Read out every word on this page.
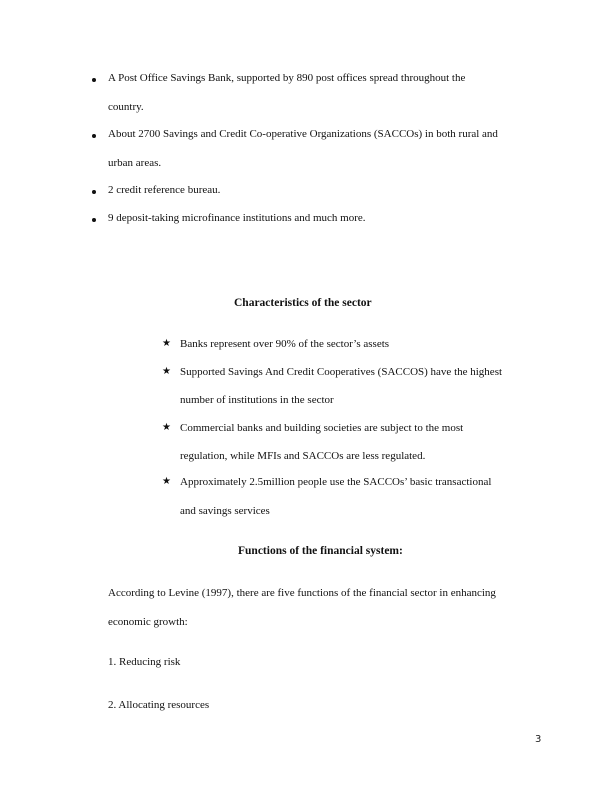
A Post Office Savings Bank, supported by 890 post offices spread throughout the
country.
About 2700 Savings and Credit Co-operative Organizations (SACCOs) in both rural and
urban areas.
2 credit reference bureau.
9 deposit-taking microfinance institutions and much more.
Characteristics of the sector
★ Banks represent over 90% of the sector’s assets
★ Supported Savings And Credit Cooperatives (SACCOS) have the highest
number of institutions in the sector
★ Commercial banks and building societies are subject to the most
regulation, while MFIs and SACCOs are less regulated.
★ Approximately 2.5million people use the SACCOs’ basic transactional
and savings services
Functions of the financial system:
According to Levine (1997), there are five functions of the financial sector in enhancing
economic growth:
1. Reducing risk
2. Allocating resources
3
